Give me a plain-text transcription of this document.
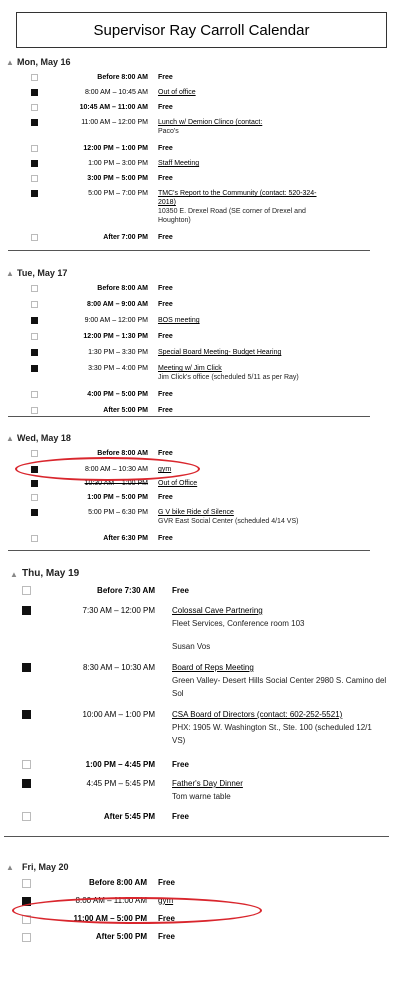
Supervisor Ray Carroll Calendar
▲ Mon, May 16
Before 8:00 AM Free
8:00 AM – 10:45 AM Out of office
10:45 AM – 11:00 AM Free
11:00 AM – 12:00 PM Lunch w/ Demion Clinco (contact:
Paco's
12:00 PM – 1:00 PM Free
1:00 PM – 3:00 PM Staff Meeting
3:00 PM – 5:00 PM Free
5:00 PM – 7:00 PM TMC's Report to the Community (contact: 520-324-2018)
10350 E. Drexel Road (SE corner of Drexel and Houghton)
After 7:00 PM Free
▲ Tue, May 17
Before 8:00 AM Free
8:00 AM – 9:00 AM Free
9:00 AM – 12:00 PM BOS meeting
12:00 PM – 1:30 PM Free
1:30 PM – 3:30 PM Special Board Meeting- Budget Hearing
3:30 PM – 4:00 PM Meeting w/ Jim Click
Jim Click's office (scheduled 5/11 as per Ray)
4:00 PM – 5:00 PM Free
After 5:00 PM Free
▲ Wed, May 18
Before 8:00 AM Free
8:00 AM – 10:30 AM gym
10:30 AM – 1:00 PM Out of Office
1:00 PM – 5:00 PM Free
5:00 PM – 6:30 PM G V bike Ride of Silence
GVR East Social Center (scheduled 4/14 VS)
After 6:30 PM Free
▲ Thu, May 19
Before 7:30 AM Free
7:30 AM – 12:00 PM Colossal Cave Partnering
Fleet Services, Conference room 103
Susan Vos
8:30 AM – 10:30 AM Board of Reps Meeting
Green Valley- Desert Hills Social Center 2980 S. Camino del Sol
10:00 AM – 1:00 PM CSA Board of Directors (contact: 602-252-5521)
PHX: 1905 W. Washington St., Ste. 100 (scheduled 12/1 VS)
1:00 PM – 4:45 PM Free
4:45 PM – 5:45 PM Father's Day Dinner
Tom warne table
After 5:45 PM Free
▲ Fri, May 20
Before 8:00 AM Free
8:00 AM – 11:00 AM gym
11:00 AM – 5:00 PM Free
After 5:00 PM Free
